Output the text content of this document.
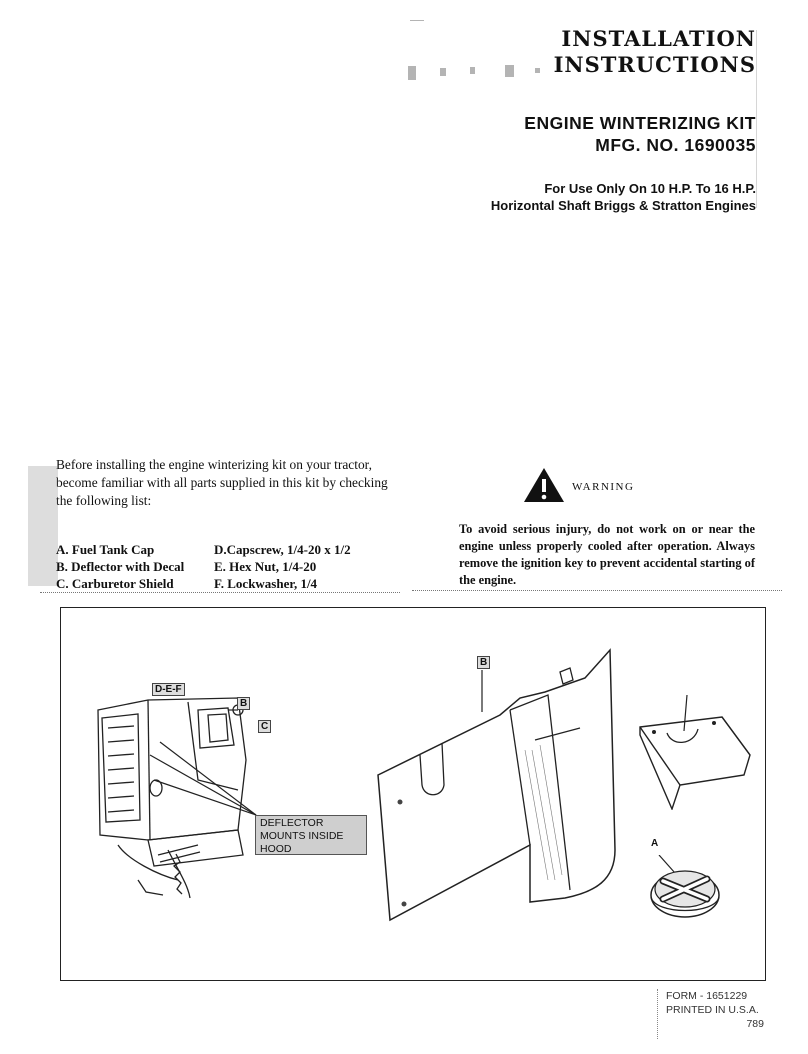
INSTALLATION
INSTRUCTIONS
ENGINE WINTERIZING KIT
MFG. NO. 1690035
For Use Only On 10 H.P. To 16 H.P.
Horizontal Shaft Briggs & Stratton Engines
Before installing the engine winterizing kit on your tractor, become familiar with all parts supplied in this kit by checking the following list:
A. Fuel Tank Cap	D.Capscrew, 1/4-20 x 1/2
B. Deflector with Decal	E. Hex Nut, 1/4-20
C. Carburetor Shield	F. Lockwasher, 1/4
WARNING
To avoid serious injury, do not work on or near the engine unless properly cooled after operation. Always remove the ignition key to prevent accidental starting of the engine.
D-E-F
B
C
DEFLECTOR
MOUNTS INSIDE
HOOD
B
A
FORM - 1651229
PRINTED IN U.S.A.
789
